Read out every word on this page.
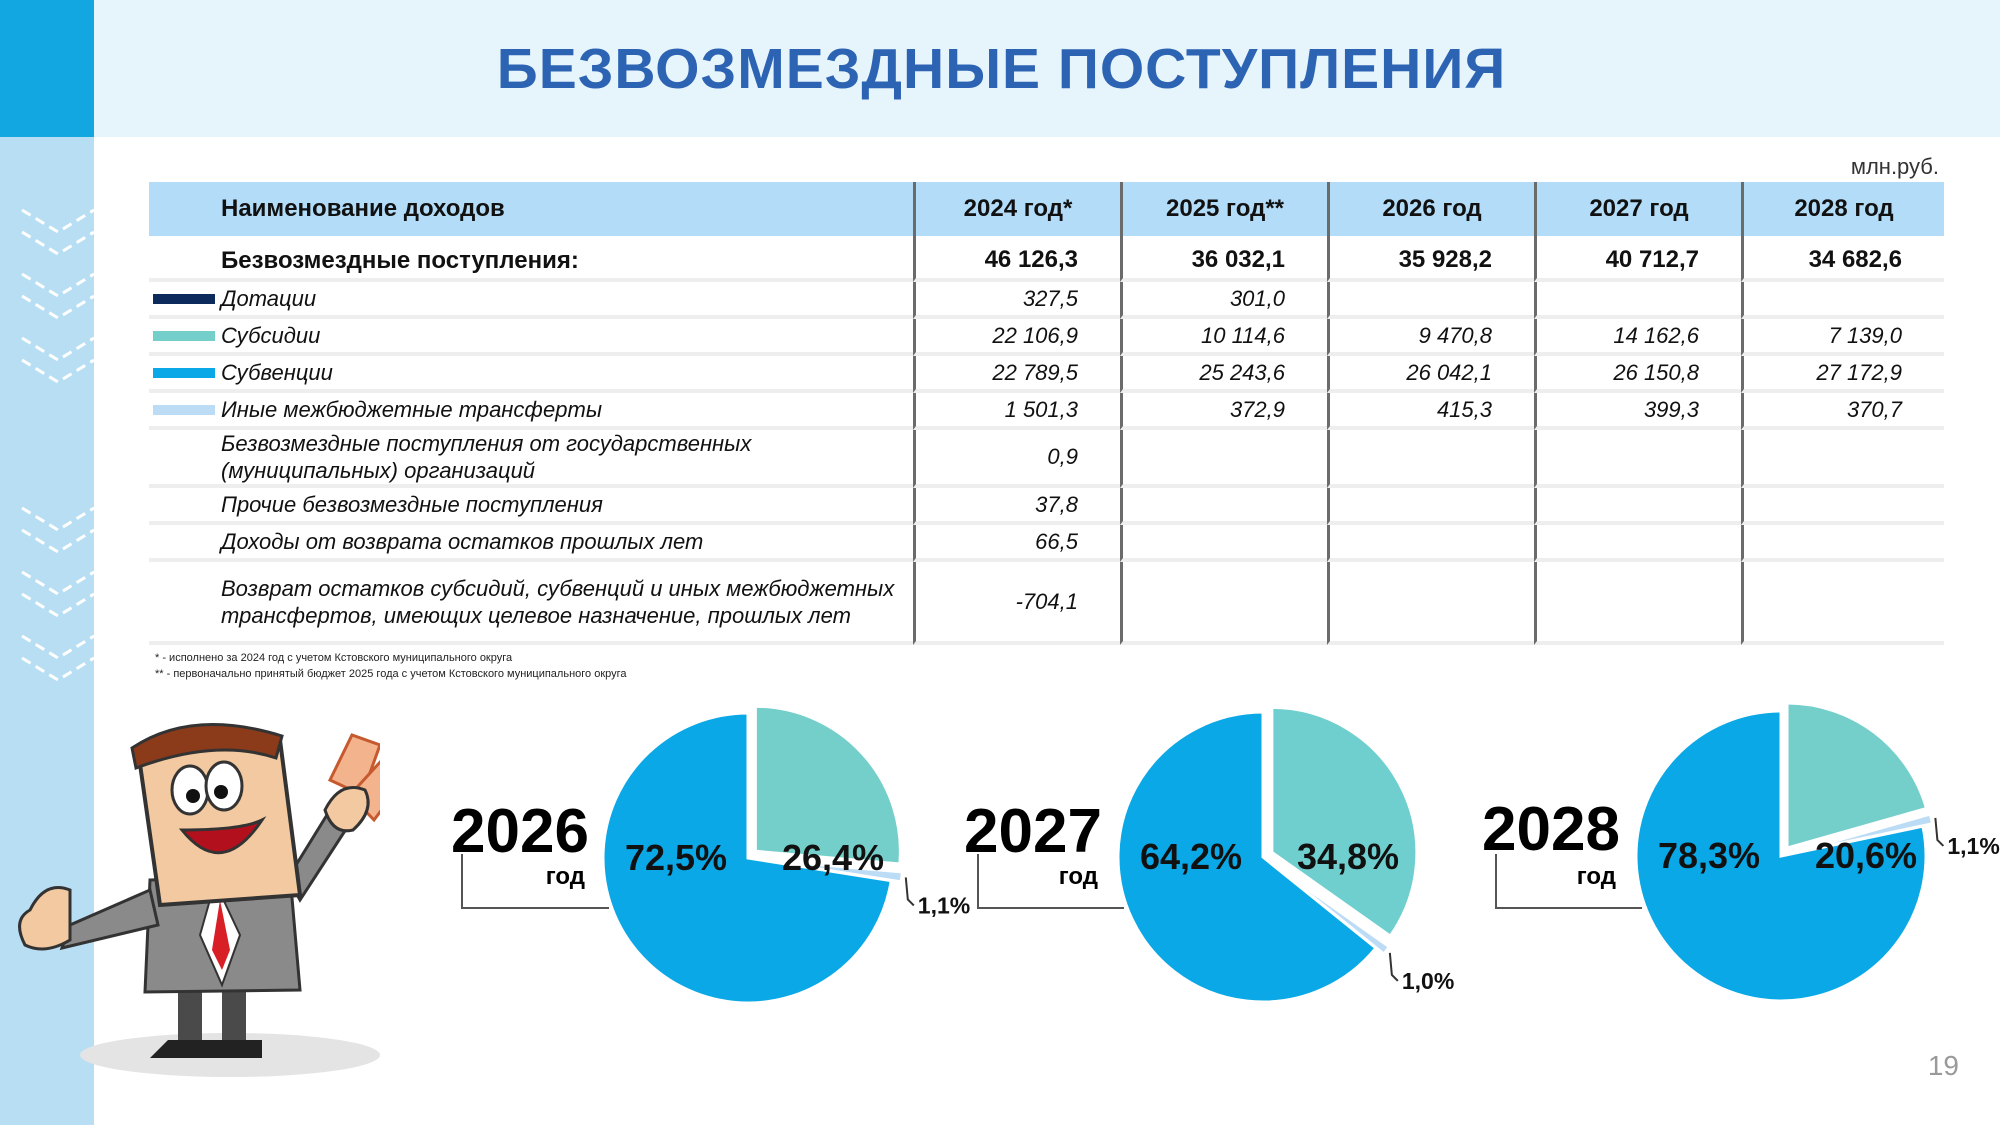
БЕЗВОЗМЕЗДНЫЕ ПОСТУПЛЕНИЯ
млн.руб.
Наименование доходов	2024 год*	2025 год**	2026 год	2027 год	2028 год

Безвозмездные поступления:	46 126,3	36 032,1	35 928,2	40 712,7	34 682,6

Дотации	327,5	301,0			

Субсидии	22 106,9	10 114,6	9 470,8	14 162,6	7 139,0

Субвенции	22 789,5	25 243,6	26 042,1	26 150,8	27 172,9

Иные межбюджетные трансферты	1 501,3	372,9	415,3	399,3	370,7
Безвозмездные поступления от государственных (муниципальных) организаций	0,9				
Прочие безвозмездные поступления	37,8				
Доходы от возврата остатков прошлых лет	66,5				
Возврат остатков субсидий, субвенций и иных межбюджетных трансфертов, имеющих целевое назначение, прошлых лет	-704,1				
* - исполнено за 2024 год с учетом Кстовского муниципального округа
** - первоначально принятый бюджет 2025 года с учетом Кстовского муниципального округа
2026
год 72,5% 26,4%
1,1%
2027
год 64,2% 34,8%
1,0%
2028
год
78,3% 20,6% 1,1%
19
